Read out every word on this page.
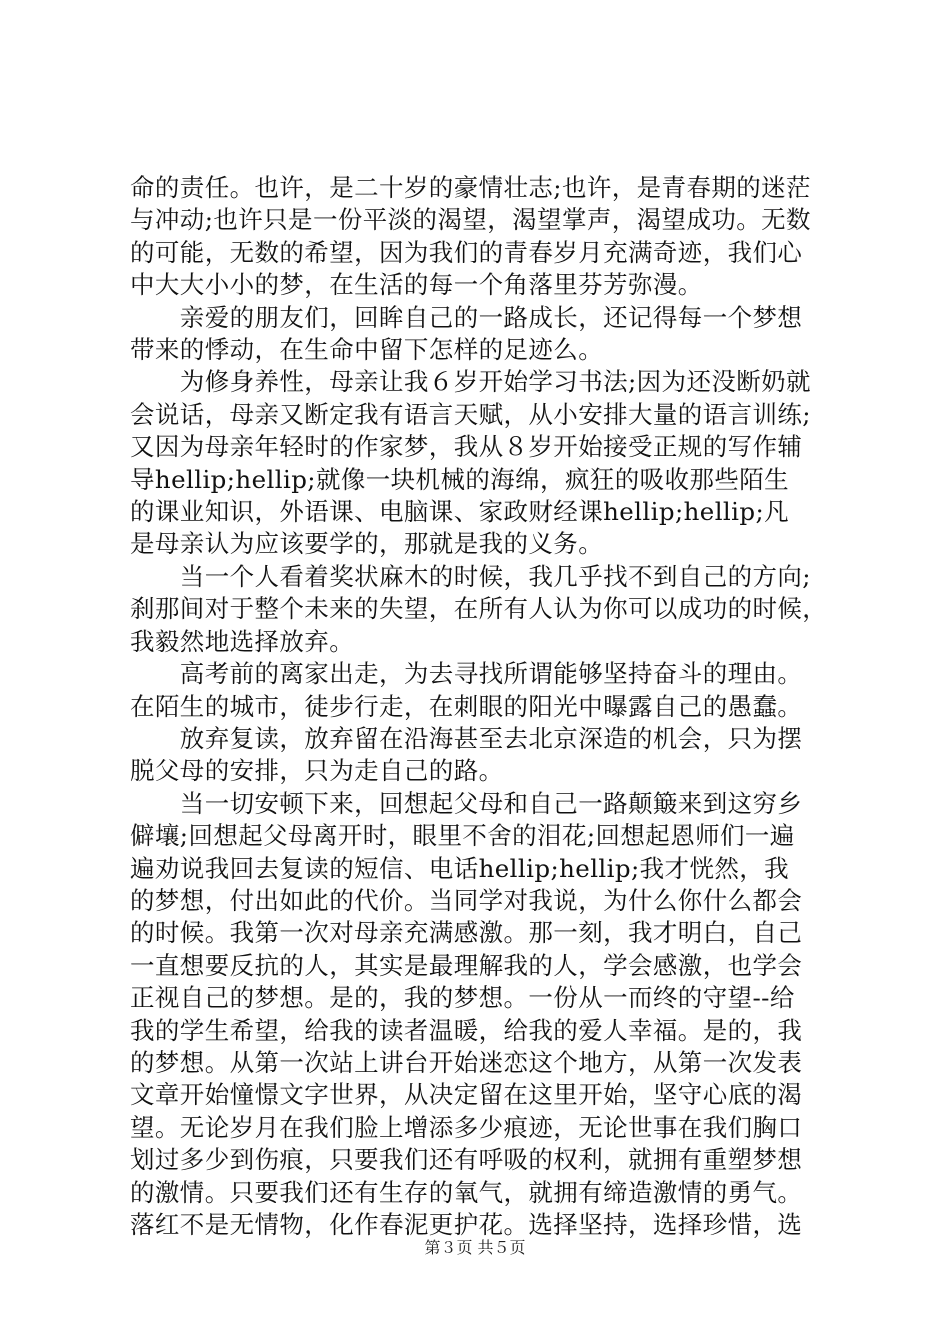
命的责任。也许，是二十岁的豪情壮志;也许，是青春期的迷茫
与冲动;也许只是一份平淡的渴望，渴望掌声，渴望成功。无数
的可能，无数的希望，因为我们的青春岁月充满奇迹，我们心
中大大小小的梦，在生活的每一个角落里芬芳弥漫。
　　亲爱的朋友们，回眸自己的一路成长，还记得每一个梦想
带来的悸动，在生命中留下怎样的足迹么。
　　为修身养性，母亲让我６岁开始学习书法;因为还没断奶就
会说话，母亲又断定我有语言天赋，从小安排大量的语言训练;
又因为母亲年轻时的作家梦，我从８岁开始接受正规的写作辅
导hellip;hellip;就像一块机械的海绵，疯狂的吸收那些陌生
的课业知识，外语课、电脑课、家政财经课hellip;hellip;凡
是母亲认为应该要学的，那就是我的义务。
　　当一个人看着奖状麻木的时候，我几乎找不到自己的方向;
刹那间对于整个未来的失望，在所有人认为你可以成功的时候，
我毅然地选择放弃。
　　高考前的离家出走，为去寻找所谓能够坚持奋斗的理由。
在陌生的城市，徒步行走，在刺眼的阳光中曝露自己的愚蠢。
　　放弃复读，放弃留在沿海甚至去北京深造的机会，只为摆
脱父母的安排，只为走自己的路。
　　当一切安顿下来，回想起父母和自己一路颠簸来到这穷乡
僻壤;回想起父母离开时，眼里不舍的泪花;回想起恩师们一遍
遍劝说我回去复读的短信、电话hellip;hellip;我才恍然，我
的梦想，付出如此的代价。当同学对我说，为什么你什么都会
的时候。我第一次对母亲充满感激。那一刻，我才明白，自己
一直想要反抗的人，其实是最理解我的人，学会感激，也学会
正视自己的梦想。是的，我的梦想。一份从一而终的守望--给
我的学生希望，给我的读者温暖，给我的爱人幸福。是的，我
的梦想。从第一次站上讲台开始迷恋这个地方，从第一次发表
文章开始憧憬文字世界，从决定留在这里开始，坚守心底的渴
望。无论岁月在我们脸上增添多少痕迹，无论世事在我们胸口
划过多少到伤痕，只要我们还有呼吸的权利，就拥有重塑梦想
的激情。只要我们还有生存的氧气，就拥有缔造激情的勇气。
落红不是无情物，化作春泥更护花。选择坚持，选择珍惜，选
第３页 共５页
